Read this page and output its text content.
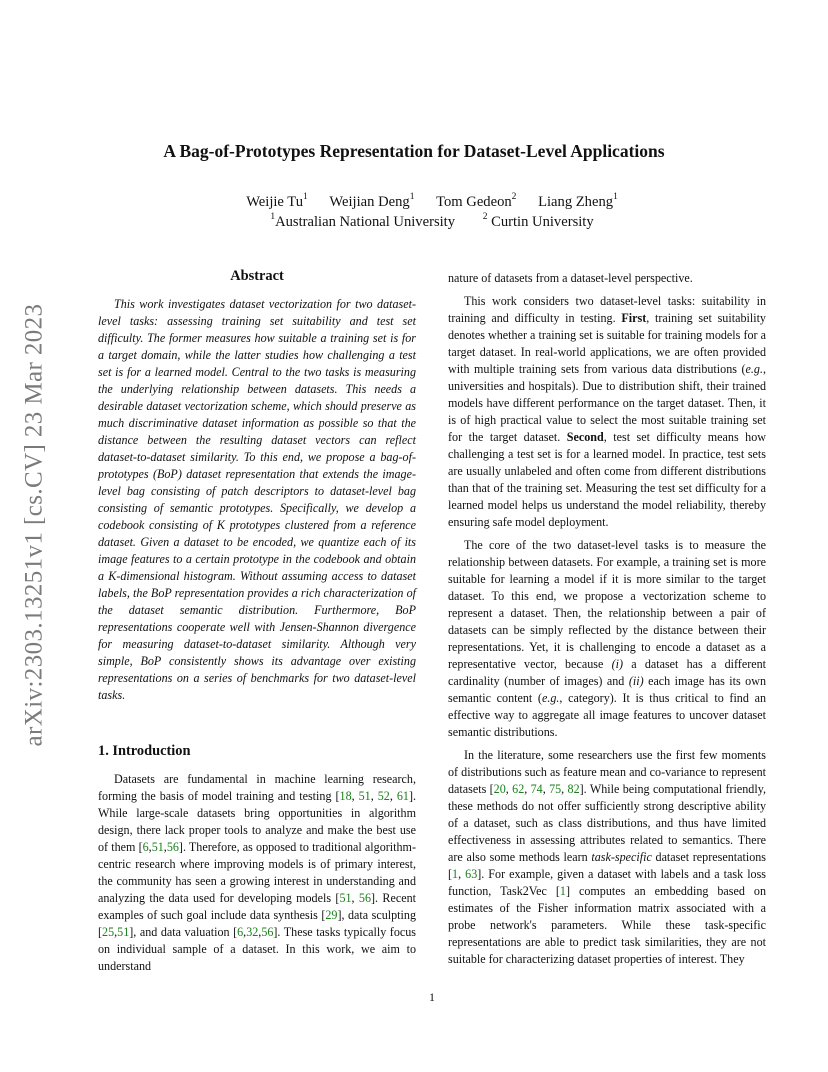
arXiv:2303.13251v1 [cs.CV] 23 Mar 2023
A Bag-of-Prototypes Representation for Dataset-Level Applications
Weijie Tu$^1$ Weijian Deng$^1$ Tom Gedeon$^2$ Liang Zheng$^1$
$^1$Australian National University	$^2$ Curtin University
Abstract

This work investigates dataset vectorization for two dataset-level tasks: assessing training set suitability and test set difficulty. The former measures how suitable a training set is for a target domain, while the latter studies how challenging a test set is for a learned model. Central to the two tasks is measuring the underlying relationship between datasets. This needs a desirable dataset vectorization scheme, which should preserve as much discriminative dataset information as possible so that the distance between the resulting dataset vectors can reflect dataset-to-dataset similarity. To this end, we propose a bag-of-prototypes (BoP) dataset representation that extends the image-level bag consisting of patch descriptors to dataset-level bag consisting of semantic prototypes. Specifically, we develop a codebook consisting of K prototypes clustered from a reference dataset. Given a dataset to be encoded, we quantize each of its image features to a certain prototype in the codebook and obtain a K-dimensional histogram. Without assuming access to dataset labels, the BoP representation provides a rich characterization of the dataset semantic distribution. Furthermore, BoP representations cooperate well with Jensen-Shannon divergence for measuring dataset-to-dataset similarity. Although very simple, BoP consistently shows its advantage over existing representations on a series of benchmarks for two dataset-level tasks.

1. Introduction

Datasets are fundamental in machine learning research, forming the basis of model training and testing [18, 51, 52, 61]. While large-scale datasets bring opportunities in algorithm design, there lack proper tools to analyze and make the best use of them [6,51,56]. Therefore, as opposed to traditional algorithm-centric research where improving models is of primary interest, the community has seen a growing interest in understanding and analyzing the data used for developing models [51, 56]. Recent examples of such goal include data synthesis [29], data sculpting [25,51], and data valuation [6,32,56]. These tasks typically focus on individual sample of a dataset. In this work, we aim to understand

nature of datasets from a dataset-level perspective.

This work considers two dataset-level tasks: suitability in training and difficulty in testing. First, training set suitability denotes whether a training set is suitable for training models for a target dataset. In real-world applications, we are often provided with multiple training sets from various data distributions (e.g., universities and hospitals). Due to distribution shift, their trained models have different performance on the target dataset. Then, it is of high practical value to select the most suitable training set for the target dataset. Second, test set difficulty means how challenging a test set is for a learned model. In practice, test sets are usually unlabeled and often come from different distributions than that of the training set. Measuring the test set difficulty for a learned model helps us understand the model reliability, thereby ensuring safe model deployment.

The core of the two dataset-level tasks is to measure the relationship between datasets. For example, a training set is more suitable for learning a model if it is more similar to the target dataset. To this end, we propose a vectorization scheme to represent a dataset. Then, the relationship between a pair of datasets can be simply reflected by the distance between their representations. Yet, it is challenging to encode a dataset as a representative vector, because (i) a dataset has a different cardinality (number of images) and (ii) each image has its own semantic content (e.g., category). It is thus critical to find an effective way to aggregate all image features to uncover dataset semantic distributions.

In the literature, some researchers use the first few moments of distributions such as feature mean and co-variance to represent datasets [20, 62, 74, 75, 82]. While being computational friendly, these methods do not offer sufficiently strong descriptive ability of a dataset, such as class distributions, and thus have limited effectiveness in assessing attributes related to semantics. There are also some methods learn task-specific dataset representations [1, 63]. For example, given a dataset with labels and a task loss function, Task2Vec [1] computes an embedding based on estimates of the Fisher information matrix associated with a probe network's parameters. While these task-specific representations are able to predict task similarities, they are not suitable for characterizing dataset properties of interest. They

1
